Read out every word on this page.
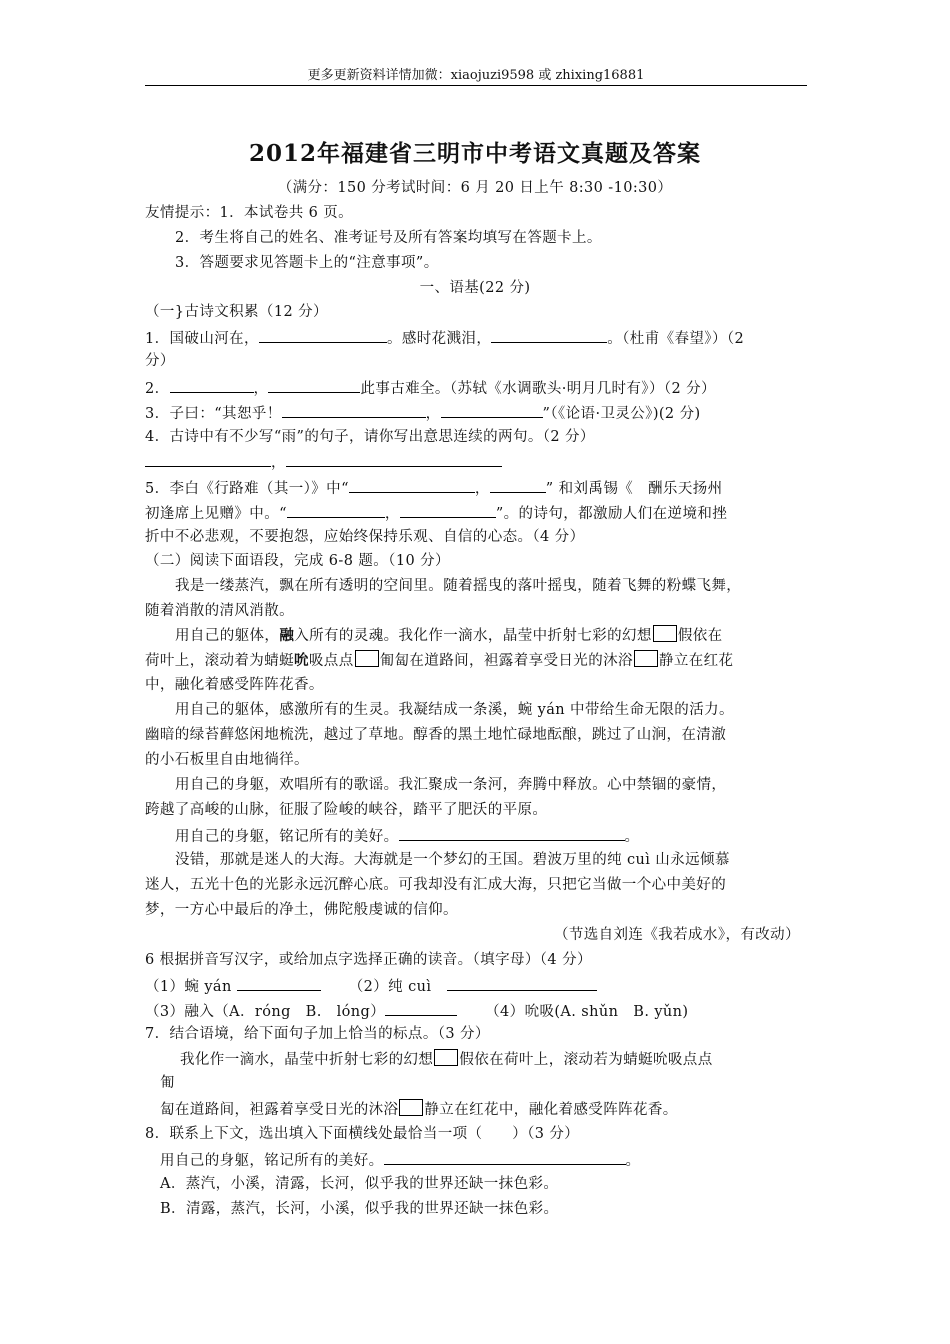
更多更新资料详情加微：xiaojuzi9598 或 zhixing16881
2012年福建省三明市中考语文真题及答案
（满分：150 分考试时间：6 月 20 日上午 8:30 -10:30）
友情提示：1．本试卷共 6 页。
2．考生将自己的姓名、准考证号及所有答案均填写在答题卡上。
3．答题要求见答题卡上的“注意事项”。
一、语基(22 分)
（一}古诗文积累（12 分）
1．国破山河在，	。感时花溅泪，	。（杜甫《春望》）（2
分）
2．	，	此事古难全。（苏轼《水调歌头·明月几时有》）（2 分）
3．子曰：“其恕乎！	，	”（《论语·卫灵公》)(2 分)
4．古诗中有不少写“雨”的句子，请你写出意思连续的两句。（2 分）
，
5．李白《行路难（其一）》中“	，	” 和刘禹锡《　酬乐天扬州
初逢席上见赠》中。“	，	”。的诗句，都激励人们在逆境和挫
折中不必悲观，不要抱怨，应始终保持乐观、自信的心态。（4 分）
（二）阅读下面语段，完成 6-8 题。（10 分）
我是一缕蒸汽，飘在所有透明的空间里。随着摇曳的落叶摇曳，随着飞舞的粉蝶飞舞，
随着消散的清风消散。
用自己的躯体，融入所有的灵魂。我化作一滴水，晶莹中折射七彩的幻想 假依在
荷叶上，滚动着为蜻蜓吮吸点点 匍匐在道路间，袒露着享受日光的沐浴 静立在红花
中，融化着感受阵阵花香。
用自己的躯体，感激所有的生灵。我凝结成一条溪，蜿 yán 中带给生命无限的活力。
幽暗的绿苔藓悠闲地梳洗，越过了草地。醇香的黑土地忙碌地酝酿，跳过了山涧，在清澈
的小石板里自由地徜徉。
用自己的身躯，欢唱所有的歌谣。我汇聚成一条河，奔腾中释放。心中禁锢的豪情，
跨越了高峻的山脉，征服了险峻的峡谷，踏平了肥沃的平原。
用自己的身躯，铭记所有的美好。	。
没错，那就是迷人的大海。大海就是一个梦幻的王国。碧波万里的纯 cuì 山永远倾慕
迷人，五光十色的光影永远沉醉心底。可我却没有汇成大海，只把它当做一个心中美好的
梦，一方心中最后的净土，佛陀般虔诚的信仰。
（节选自刘连《我若成水》，有改动）
6 根据拼音写汉字，或给加点字选择正确的读音。（填字母）（4 分）
（1）蜿 yán	（2）纯 cuì
（3）融入（A．róng　B.　lóng）	（4）吮吸(A. shǔn　B. yǔn)
7．结合语境，给下面句子加上恰当的标点。（3 分）
我化作一滴水，晶莹中折射七彩的幻想 假依在荷叶上，滚动若为蜻蜓吮吸点点
匍
匐在道路间，袒露着享受日光的沐浴 静立在红花中，融化着感受阵阵花香。
8．联系上下文，选出填入下面横线处最恰当一项（　　）（3 分）
用自己的身躯，铭记所有的美好。	。
A．蒸汽，小溪，清露，长河，似乎我的世界还缺一抹色彩。
B．清露，蒸汽，长河，小溪，似乎我的世界还缺一抹色彩。
